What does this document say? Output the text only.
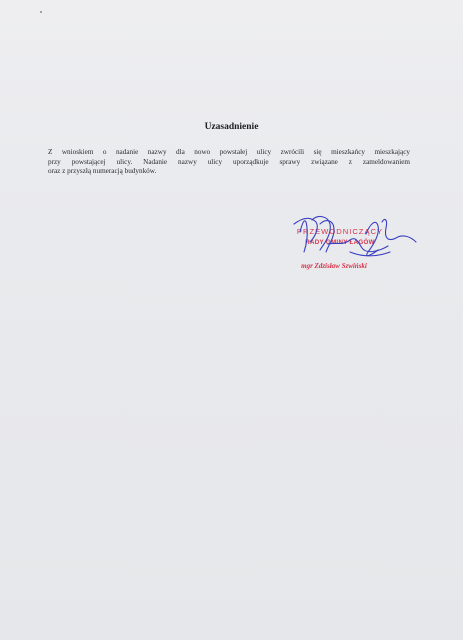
Uzasadnienie
Z wnioskiem o nadanie nazwy dla nowo powstałej ulicy zwrócili się mieszkańcy mieszkający
przy powstającej ulicy. Nadanie nazwy ulicy uporządkuje sprawy związane z zameldowaniem
oraz z przyszłą numeracją budynków.
PRZEWODNICZĄCY
RADY GMINY ŁAGÓW
mgr Zdzisław Szwiński
